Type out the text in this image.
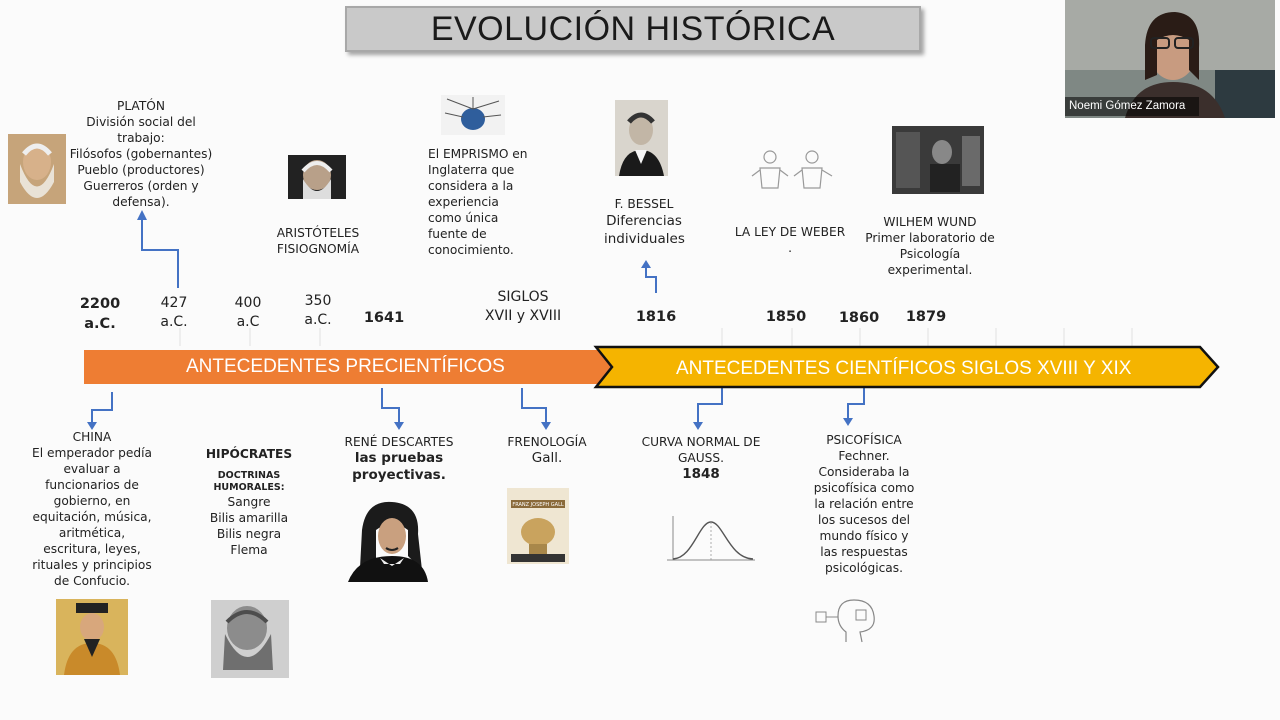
EVOLUCIÓN HISTÓRICA
Noemi Gómez Zamora
ANTECEDENTES PRECIENTÍFICOS	ANTECEDENTES CIENTÍFICOS SIGLOS XVIII Y XIX
2200
a.C.
427
a.C.
400
a.C
350
a.C.	1641
SIGLOS
XVII y XVIII	1816	1850	1860	1879
PLATÓN
División social del
trabajo:
Filósofos (gobernantes)
Pueblo (productores)
Guerreros (orden y
defensa).
ARISTÓTELES
FISIOGNOMÍA
El EMPRISMO en
Inglaterra que
considera a la
experiencia
como única
fuente de
conocimiento.
F. BESSEL
Diferencias
individuales	LA LEY DE WEBER
.
WILHEM WUND
Primer laboratorio de
Psicología
experimental.
CHINA
El emperador pedía
evaluar a
funcionarios de
gobierno, en
equitación, música,
aritmética,
escritura, leyes,
rituales y principios
de Confucio.
HIPÓCRATES
DOCTRINAS
HUMORALES:
Sangre
Bilis amarilla
Bilis negra
Flema
RENÉ DESCARTES
las pruebas
proyectivas.
FRENOLOGÍA
Gall.
FRANZ JOSEPH GALL
CURVA NORMAL DE
GAUSS.
1848
PSICOFÍSICA
Fechner.
Consideraba la
psicofísica como
la relación entre
los sucesos del
mundo físico y
las respuestas
psicológicas.
